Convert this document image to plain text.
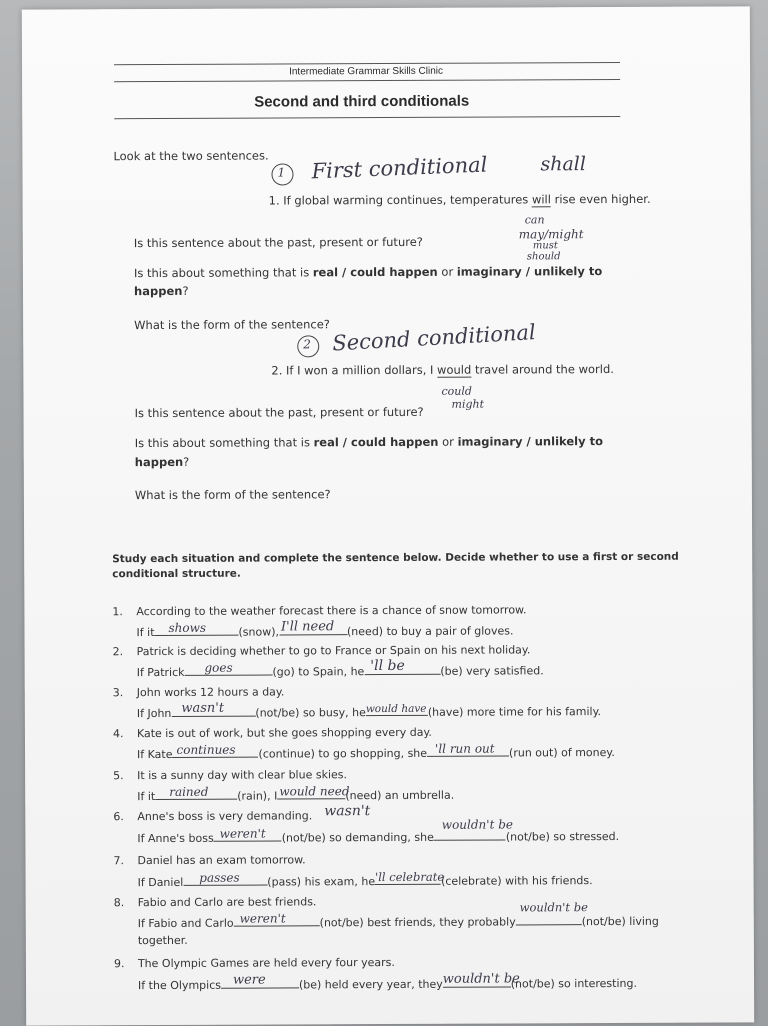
Intermediate Grammar Skills Clinic
Second and third conditionals
Look at the two sentences.
1 First conditional	shall
1. If global warming continues, temperatures will rise even higher.
can
may/might
must
should
Is this sentence about the past, present or future?
Is this about something that is real / could happen or imaginary / unlikely to
happen?
What is the form of the sentence?
2 Second conditional
2. If I won a million dollars, I would travel around the world.
could
might
Is this sentence about the past, present or future?
Is this about something that is real / could happen or imaginary / unlikely to
happen?
What is the form of the sentence?
Study each situation and complete the sentence below. Decide whether to use a first or second
conditional structure.
1. According to the weather forecast there is a chance of snow tomorrow.
If it shows	(snow), I'll need (need) to buy a pair of gloves.
2. Patrick is deciding whether to go to France or Spain on his next holiday.
If Patrick goes	(go) to Spain, he 'll be	(be) very satisfied.
3. John works 12 hours a day.
If John wasn't	(not/be) so busy, he would have (have) more time for his family.
4. Kate is out of work, but she goes shopping every day.
If Kate continues (continue) to go shopping, she 'll run out (run out) of money.
5. It is a sunny day with clear blue skies.
If it rained	(rain), I would need
(need) an umbrella.
6. Anne's boss is very demanding. wasn't
If Anne's boss weren't (not/be) so demanding, she
wouldn't be
(not/be) so stressed.
7. Daniel has an exam tomorrow.
If Daniel passes	(pass) his exam, he 'll celebrate
(celebrate) with his friends.
8. Fabio and Carlo are best friends.
If Fabio and Carlo weren't	(not/be) best friends, they probably
wouldn't be
(not/be) living
together.
9. The Olympic Games are held every four years.
If the Olympics were	(be) held every year, they wouldn't be
(not/be) so interesting.
